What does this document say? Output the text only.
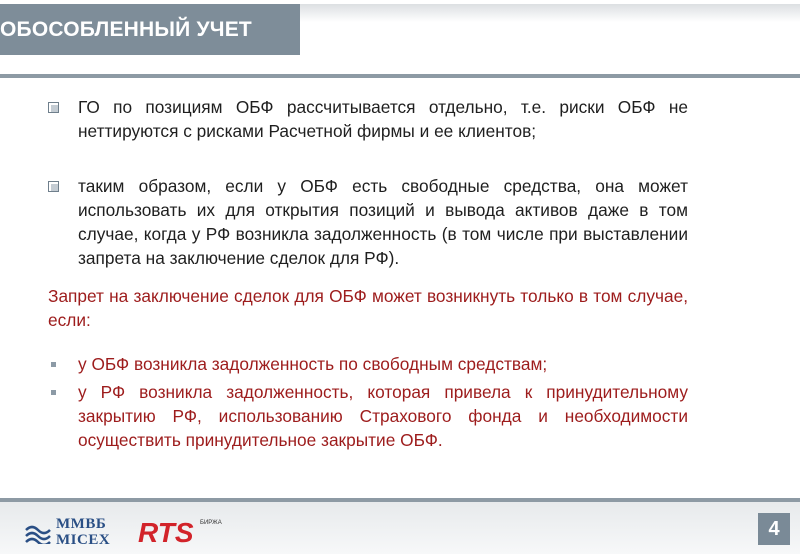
ОБОСОБЛЕННЫЙ УЧЕТ
ГО по позициям ОБФ рассчитывается отдельно, т.е. риски ОБФ не неттируются с рисками Расчетной фирмы и ее клиентов;
таким образом, если у ОБФ есть свободные средства, она может использовать их для открытия позиций и вывода активов даже в том случае, когда у РФ возникла задолженность (в том числе при выставлении запрета на заключение сделок для РФ).
Запрет на заключение сделок для ОБФ может возникнуть только в том случае, если:
у ОБФ возникла задолженность по свободным средствам;
у РФ возникла задолженность, которая привела к принудительному закрытию РФ, использованию Страхового фонда и необходимости осуществить принудительное закрытие ОБФ.
ММВБ
MICEX RTS БИРЖА	4
